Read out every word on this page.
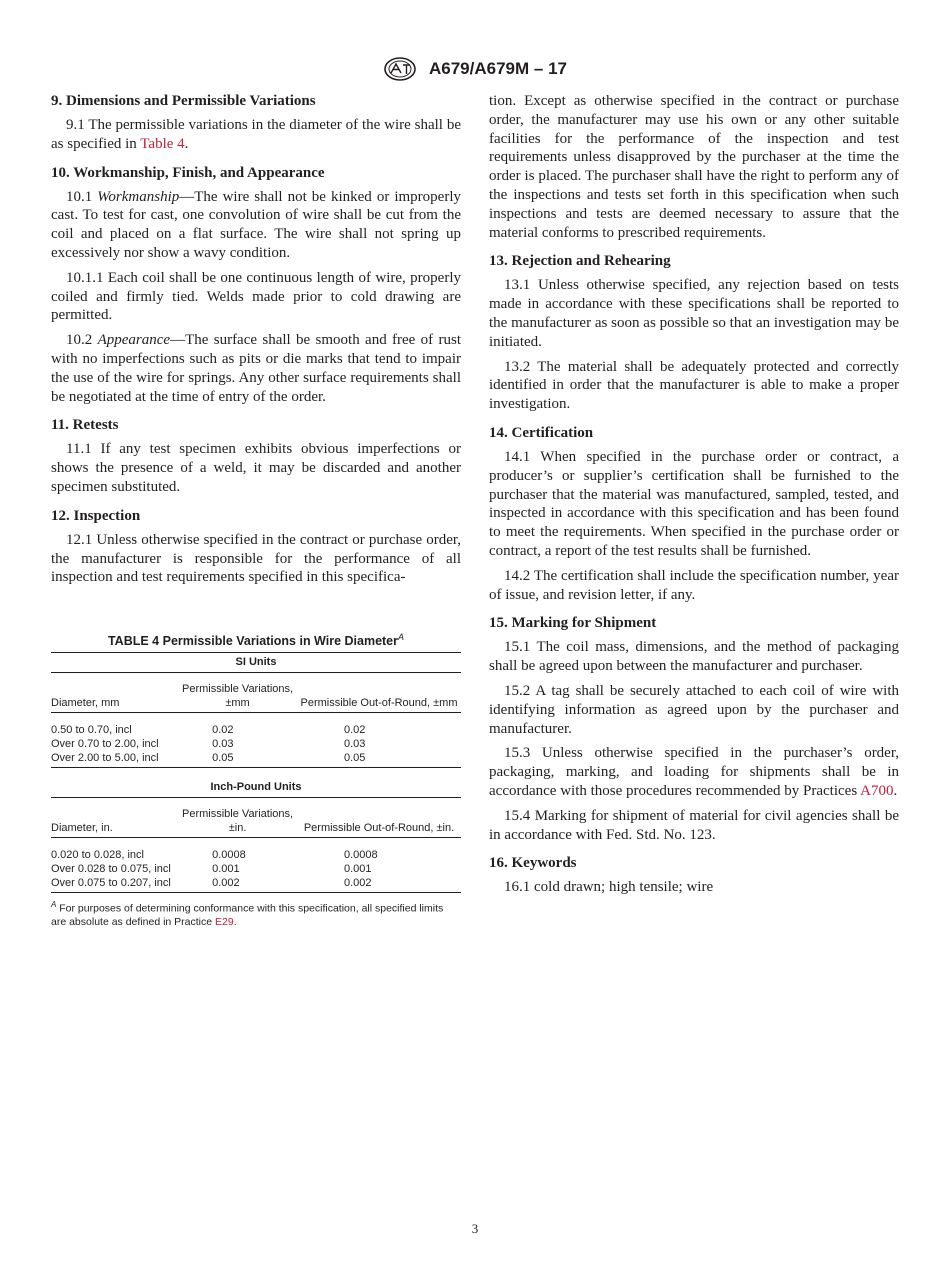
A679/A679M – 17
9. Dimensions and Permissible Variations

9.1 The permissible variations in the diameter of the wire shall be as specified in Table 4.

10. Workmanship, Finish, and Appearance

10.1 Workmanship—The wire shall not be kinked or improperly cast. To test for cast, one convolution of wire shall be cut from the coil and placed on a flat surface. The wire shall not spring up excessively nor show a wavy condition.

10.1.1 Each coil shall be one continuous length of wire, properly coiled and firmly tied. Welds made prior to cold drawing are permitted.

10.2 Appearance—The surface shall be smooth and free of rust with no imperfections such as pits or die marks that tend to impair the use of the wire for springs. Any other surface requirements shall be negotiated at the time of entry of the order.

11. Retests

11.1 If any test specimen exhibits obvious imperfections or shows the presence of a weld, it may be discarded and another specimen substituted.

12. Inspection

12.1 Unless otherwise specified in the contract or purchase order, the manufacturer is responsible for the performance of all inspection and test requirements specified in this specifica-

TABLE 4 Permissible Variations in Wire Diameter$^A$

SI Units		
Diameter, mm	Permissible Variations, ±mm	Permissible Out-of-Round, ±mm

0.50 to 0.70, incl	0.02	0.02
Over 0.70 to 2.00, incl	0.03	0.03
Over 2.00 to 5.00, incl	0.05	0.05
Inch-Pound Units		
Diameter, in.	Permissible Variations, ±in.	Permissible Out-of-Round, ±in.

0.020 to 0.028, incl	0.0008	0.0008
Over 0.028 to 0.075, incl	0.001	0.001
Over 0.075 to 0.207, incl	0.002	0.002
$^A$ For purposes of determining conformance with this specification, all specified limits are absolute as defined in Practice E29.

tion. Except as otherwise specified in the contract or purchase order, the manufacturer may use his own or any other suitable facilities for the performance of the inspection and test requirements unless disapproved by the purchaser at the time the order is placed. The purchaser shall have the right to perform any of the inspections and tests set forth in this specification when such inspections and tests are deemed necessary to assure that the material conforms to prescribed requirements.

13. Rejection and Rehearing

13.1 Unless otherwise specified, any rejection based on tests made in accordance with these specifications shall be reported to the manufacturer as soon as possible so that an investigation may be initiated.

13.2 The material shall be adequately protected and correctly identified in order that the manufacturer is able to make a proper investigation.

14. Certification

14.1 When specified in the purchase order or contract, a producer’s or supplier’s certification shall be furnished to the purchaser that the material was manufactured, sampled, tested, and inspected in accordance with this specification and has been found to meet the requirements. When specified in the purchase order or contract, a report of the test results shall be furnished.

14.2 The certification shall include the specification number, year of issue, and revision letter, if any.

15. Marking for Shipment

15.1 The coil mass, dimensions, and the method of packaging shall be agreed upon between the manufacturer and purchaser.

15.2 A tag shall be securely attached to each coil of wire with identifying information as agreed upon by the purchaser and manufacturer.

15.3 Unless otherwise specified in the purchaser’s order, packaging, marking, and loading for shipments shall be in accordance with those procedures recommended by Practices A700.

15.4 Marking for shipment of material for civil agencies shall be in accordance with Fed. Std. No. 123.

16. Keywords

16.1 cold drawn; high tensile; wire

3
